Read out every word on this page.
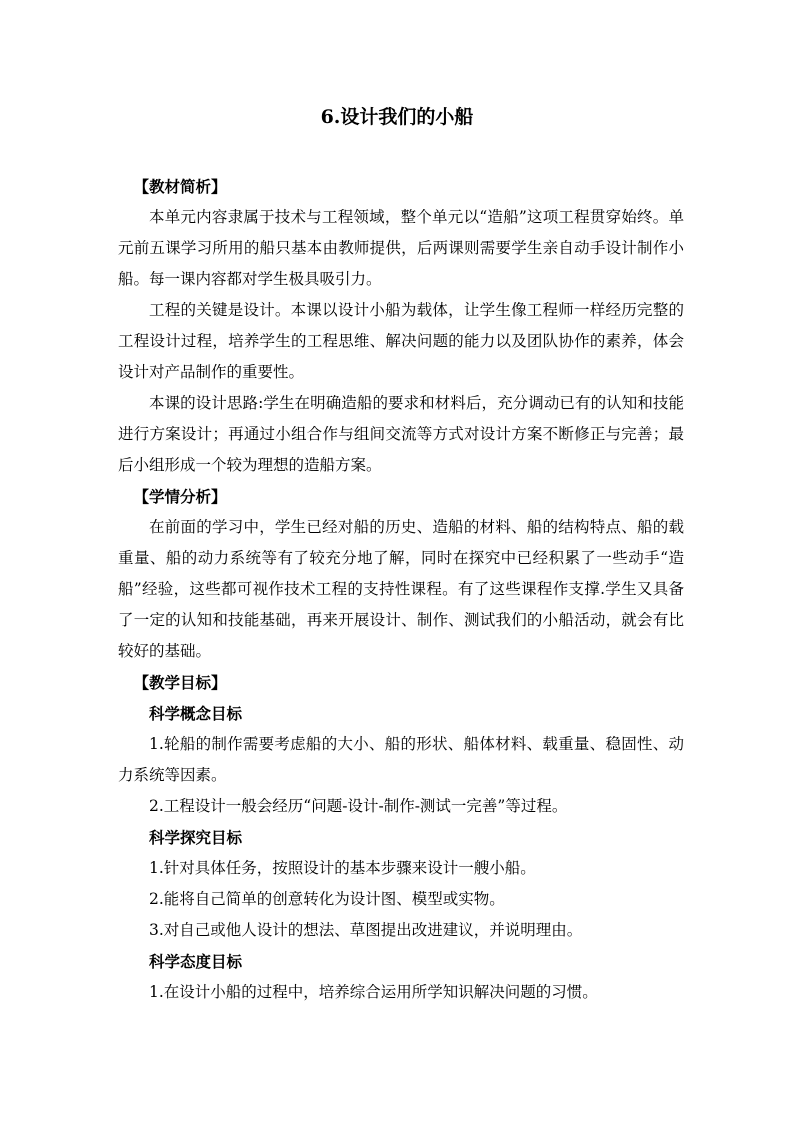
6.设计我们的小船

【教材简析】

本单元内容隶属于技术与工程领域，整个单元以“造船”这项工程贯穿始终。单元前五课学习所用的船只基本由教师提供，后两课则需要学生亲自动手设计制作小船。每一课内容都对学生极具吸引力。

工程的关键是设计。本课以设计小船为载体，让学生像工程师一样经历完整的工程设计过程，培养学生的工程思维、解决问题的能力以及团队协作的素养，体会设计对产品制作的重要性。

本课的设计思路:学生在明确造船的要求和材料后，充分调动已有的认知和技能进行方案设计；再通过小组合作与组间交流等方式对设计方案不断修正与完善；最后小组形成一个较为理想的造船方案。

【学情分析】

在前面的学习中，学生已经对船的历史、造船的材料、船的结构特点、船的载重量、船的动力系统等有了较充分地了解，同时在探究中已经积累了一些动手“造船”经验，这些都可视作技术工程的支持性课程。有了这些课程作支撑.学生又具备了一定的认知和技能基础，再来开展设计、制作、测试我们的小船活动，就会有比较好的基础。

【教学目标】

科学概念目标

1.轮船的制作需要考虑船的大小、船的形状、船体材料、载重量、稳固性、动力系统等因素。

2.工程设计一般会经历“问题-设计-制作-测试一完善”等过程。

科学探究目标

1.针对具体任务，按照设计的基本步骤来设计一艘小船。

2.能将自己简单的创意转化为设计图、模型或实物。

3.对自己或他人设计的想法、草图提出改进建议，并说明理由。

科学态度目标

1.在设计小船的过程中，培养综合运用所学知识解决问题的习惯。
